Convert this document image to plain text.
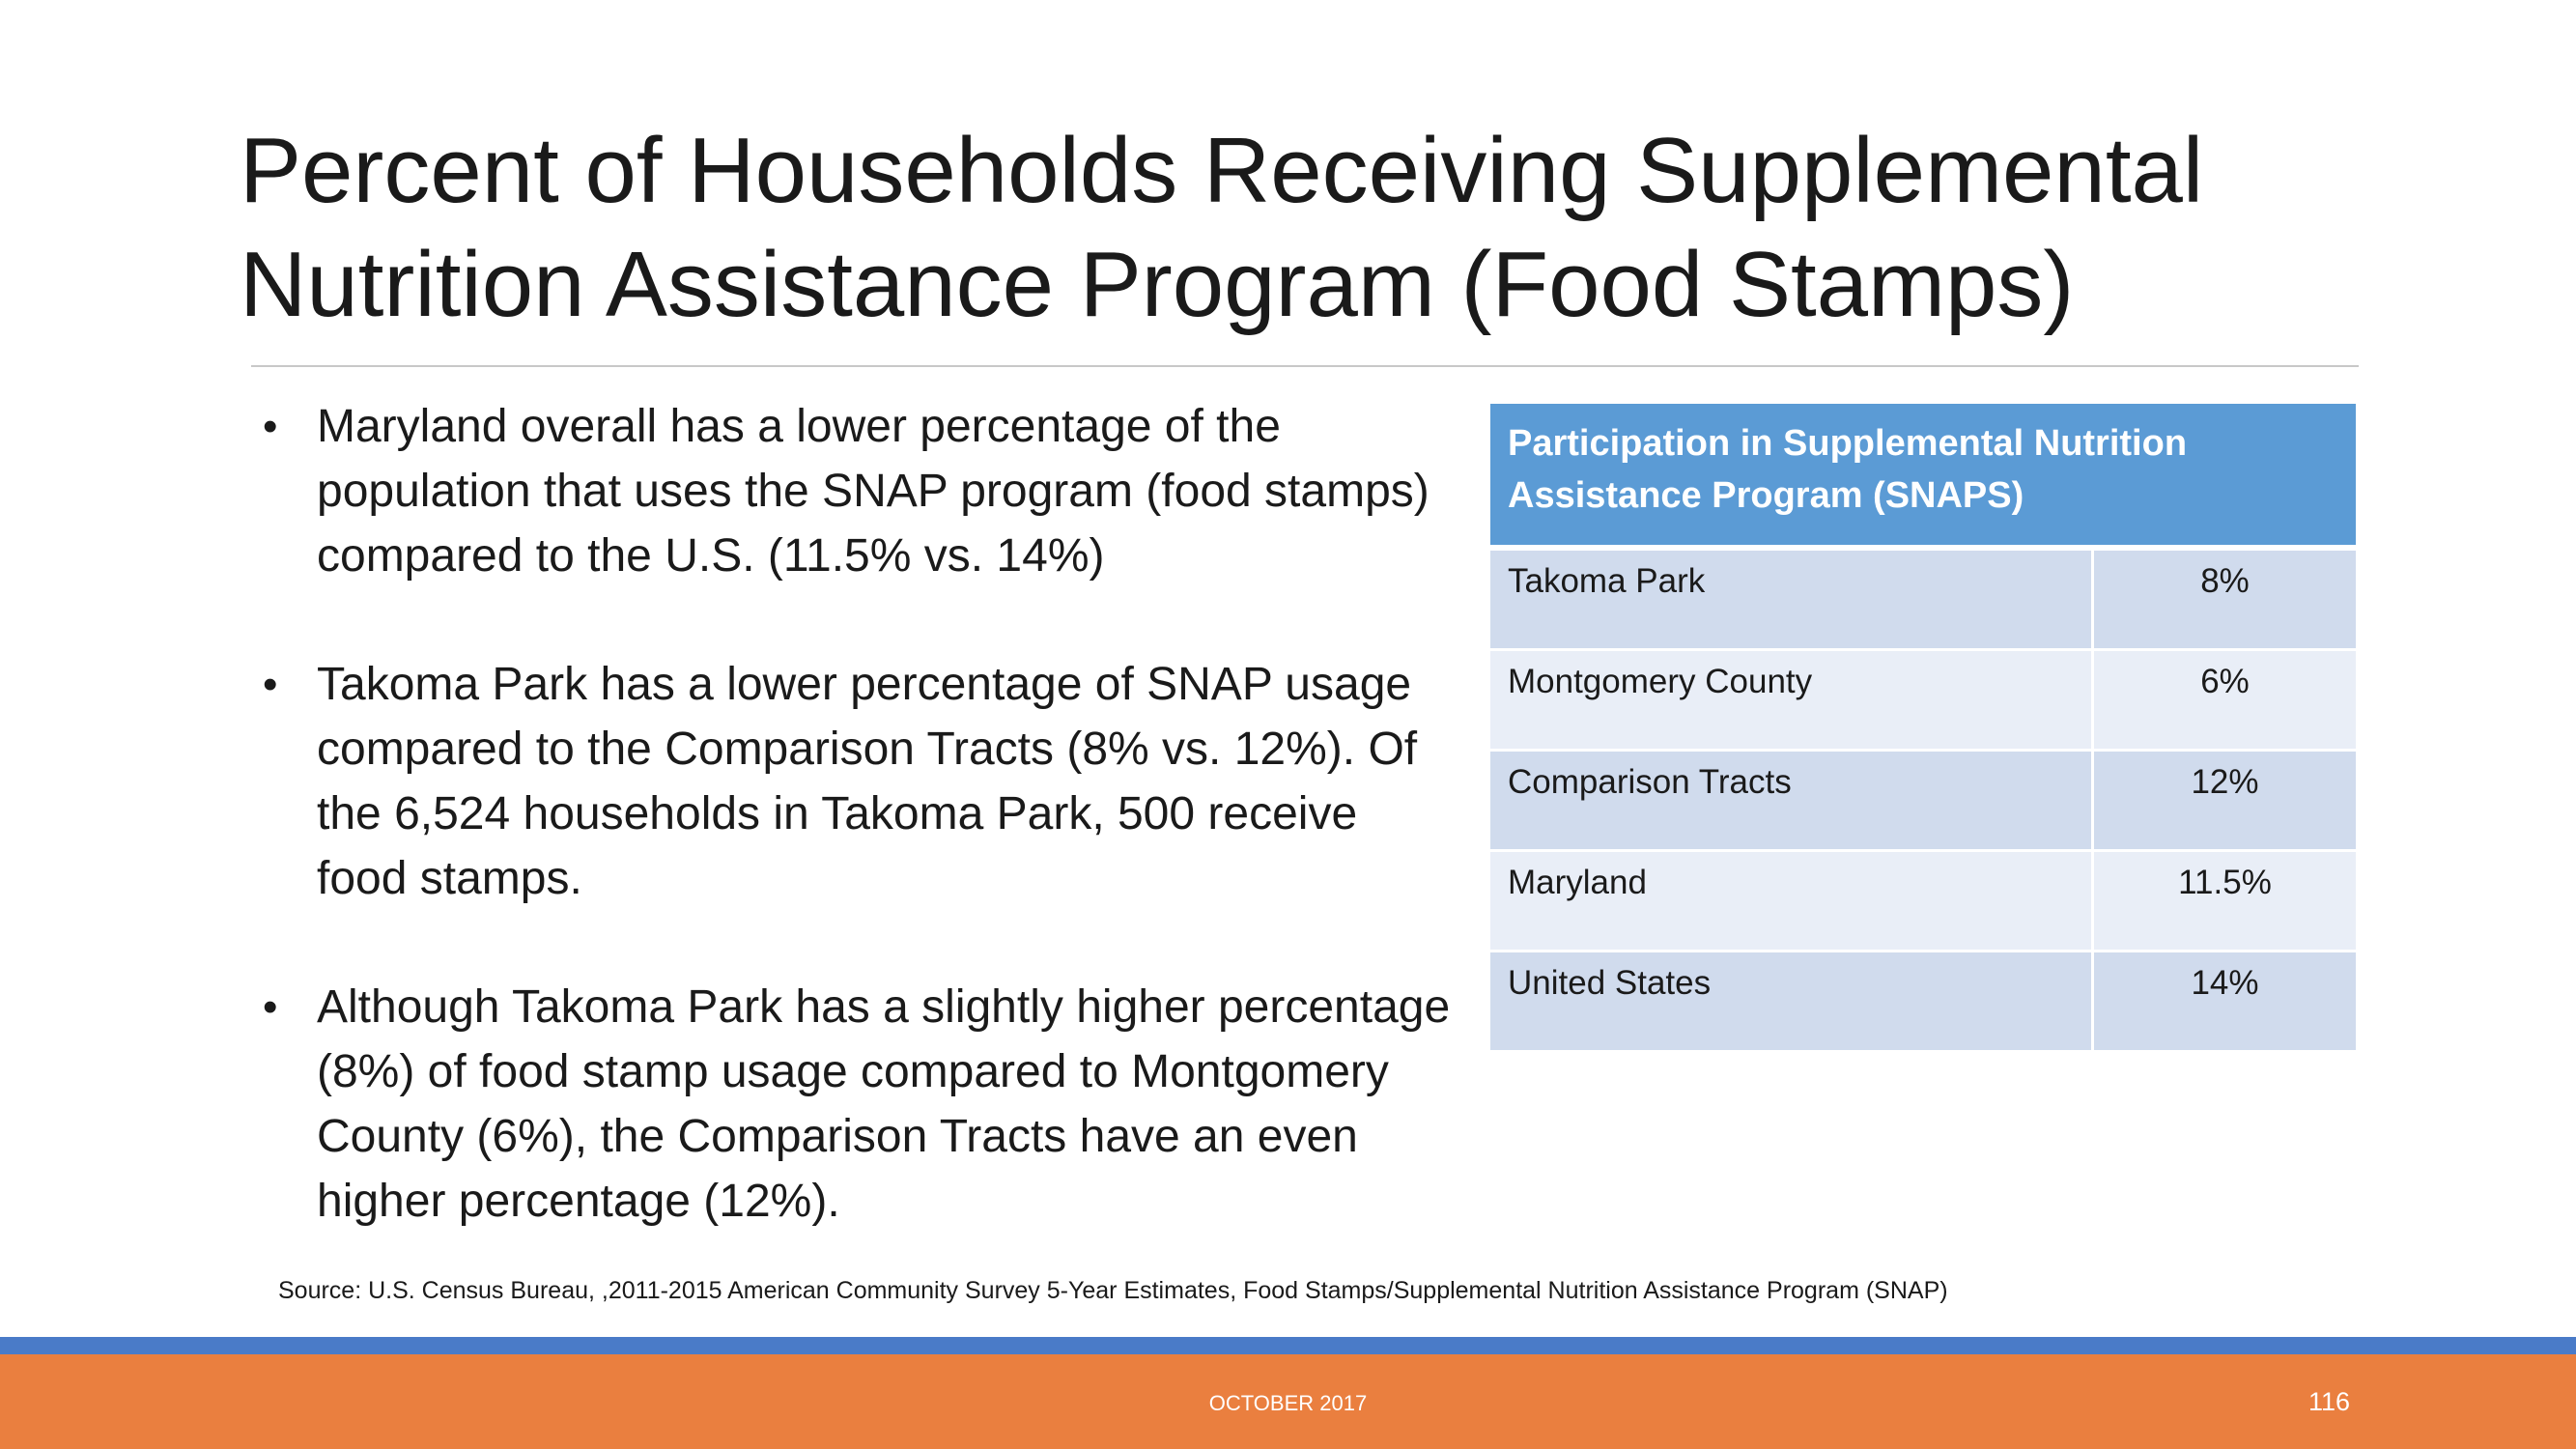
Percent of Households Receiving Supplemental Nutrition Assistance Program (Food Stamps)
• Maryland overall has a lower percentage of the population that uses the SNAP program (food stamps) compared to the U.S. (11.5% vs. 14%)
• Takoma Park has a lower percentage of SNAP usage compared to the Comparison Tracts (8% vs. 12%). Of the 6,524 households in Takoma Park, 500 receive food stamps.
• Although Takoma Park has a slightly higher percentage (8%) of food stamp usage compared to Montgomery County (6%), the Comparison Tracts have an even higher percentage (12%).
Participation in Supplemental Nutrition Assistance Program (SNAPS)	
Takoma Park	8%
Montgomery County	6%
Comparison Tracts	12%
Maryland	11.5%
United States	14%
Source: U.S. Census Bureau, ,2011-2015 American Community Survey 5-Year Estimates, Food Stamps/Supplemental Nutrition Assistance Program (SNAP)
OCTOBER 2017	116
